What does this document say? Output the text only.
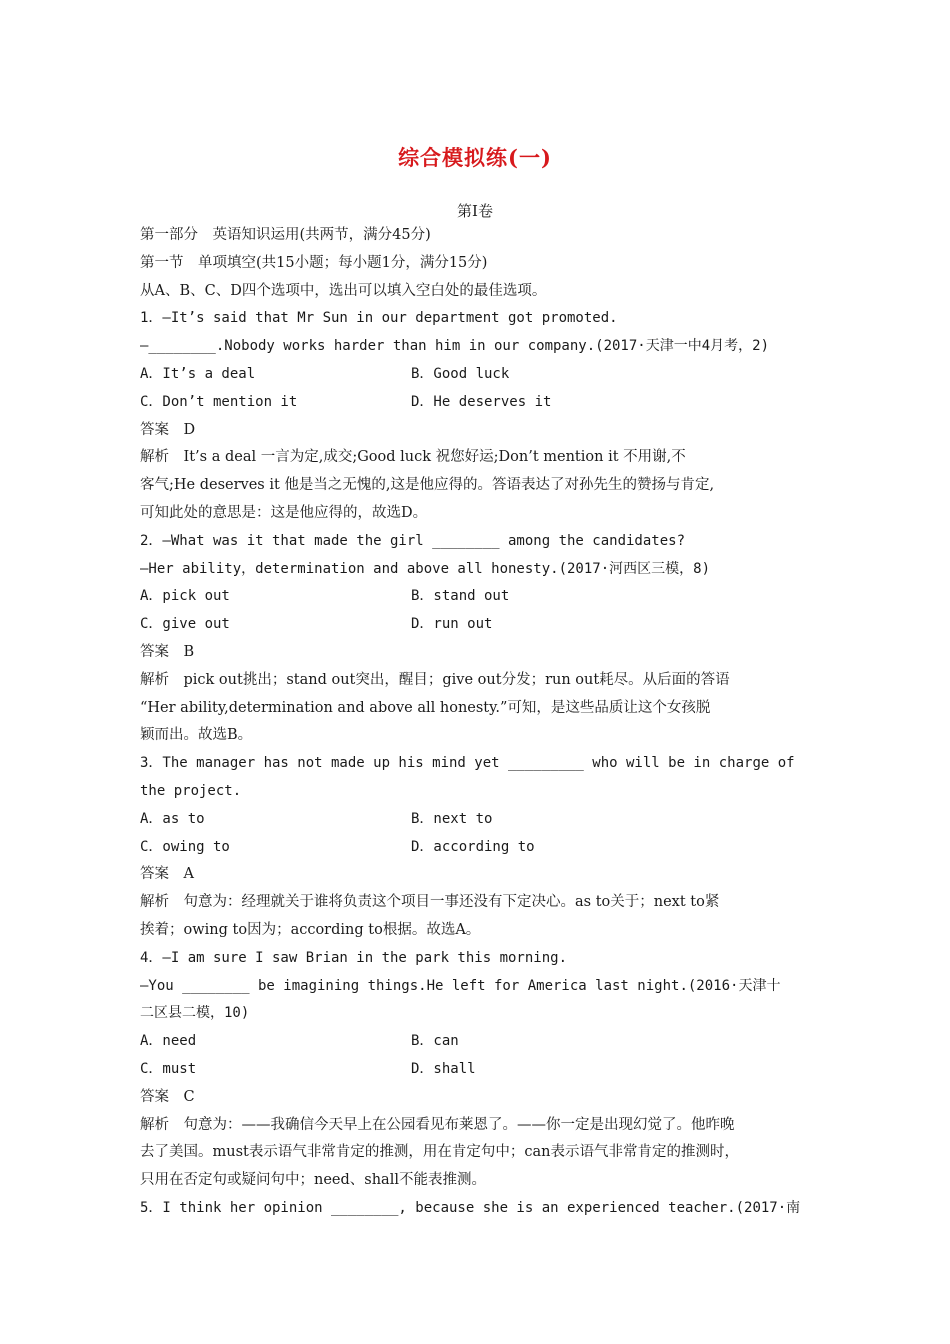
综合模拟练(一)
第Ⅰ卷
第一部分　英语知识运用(共两节，满分45分)
第一节　单项填空(共15小题；每小题1分，满分15分)
从A、B、C、D四个选项中，选出可以填入空白处的最佳选项。
1．—It’s said that Mr Sun in our department got promoted.
—________.Nobody works harder than him in our company.(2017·天津一中4月考，2)
A．It’s a deal	B．Good luck
C．Don’t mention it	D．He deserves it
答案　D
解析　It’s a deal 一言为定,成交;Good luck 祝您好运;Don’t mention it 不用谢,不
客气;He deserves it 他是当之无愧的,这是他应得的。答语表达了对孙先生的赞扬与肯定,
可知此处的意思是：这是他应得的，故选D。
2．—What was it that made the girl ________ among the candidates?
—Her ability，determination and above all honesty.(2017·河西区三模，8)
A．pick out	B．stand out
C．give out	D．run out
答案　B
解析　pick out挑出；stand out突出，醒目；give out分发；run out耗尽。从后面的答语
“Her ability,determination and above all honesty.”可知，是这些品质让这个女孩脱
颖而出。故选B。
3．The manager has not made up his mind yet _________ who will be in charge of
the project.
A．as to	B．next to
C．owing to	D．according to
答案　A
解析　句意为：经理就关于谁将负责这个项目一事还没有下定决心。as to关于；next to紧
挨着；owing to因为；according to根据。故选A。
4．—I am sure I saw Brian in the park this morning.
—You ________ be imagining things.He left for America last night.(2016·天津十
二区县二模，10)
A．need	B．can
C．must	D．shall
答案　C
解析　句意为：——我确信今天早上在公园看见布莱恩了。——你一定是出现幻觉了。他昨晚
去了美国。must表示语气非常肯定的推测，用在肯定句中；can表示语气非常肯定的推测时，
只用在否定句或疑问句中；need、shall不能表推测。
5．I think her opinion ________, because she is an experienced teacher.(2017·南
